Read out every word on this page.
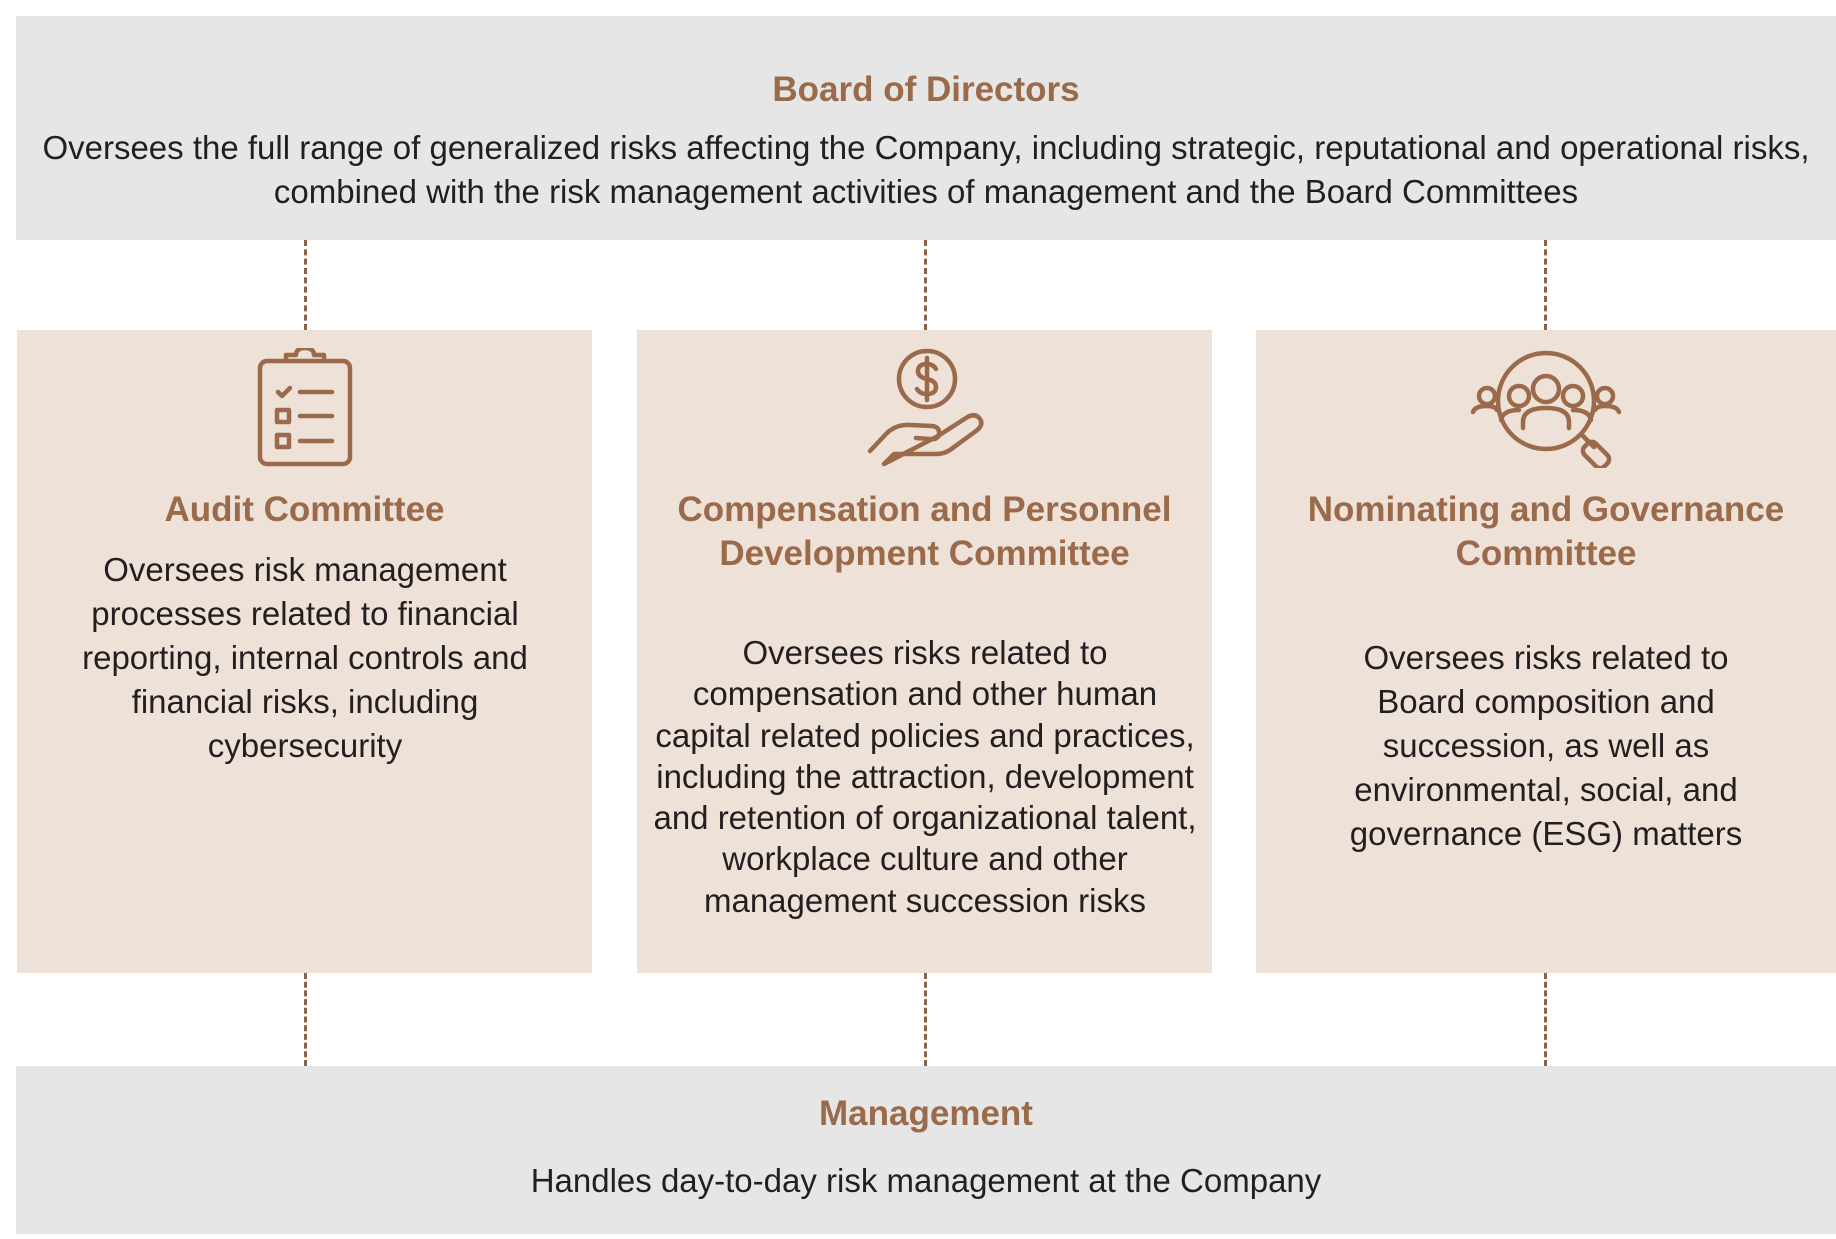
Board of Directors
Oversees the full range of generalized risks affecting the Company, including strategic, reputational and operational risks, combined with the risk management activities of management and the Board Committees
Audit Committee
Oversees risk management processes related to financial reporting, internal controls and financial risks, including cybersecurity
Compensation and Personnel Development Committee
Oversees risks related to compensation and other human capital related policies and practices, including the attraction, development and retention of organizational talent, workplace culture and other management succession risks
Nominating and Governance Committee
Oversees risks related to Board composition and succession, as well as environmental, social, and governance (ESG) matters
Management
Handles day-to-day risk management at the Company
